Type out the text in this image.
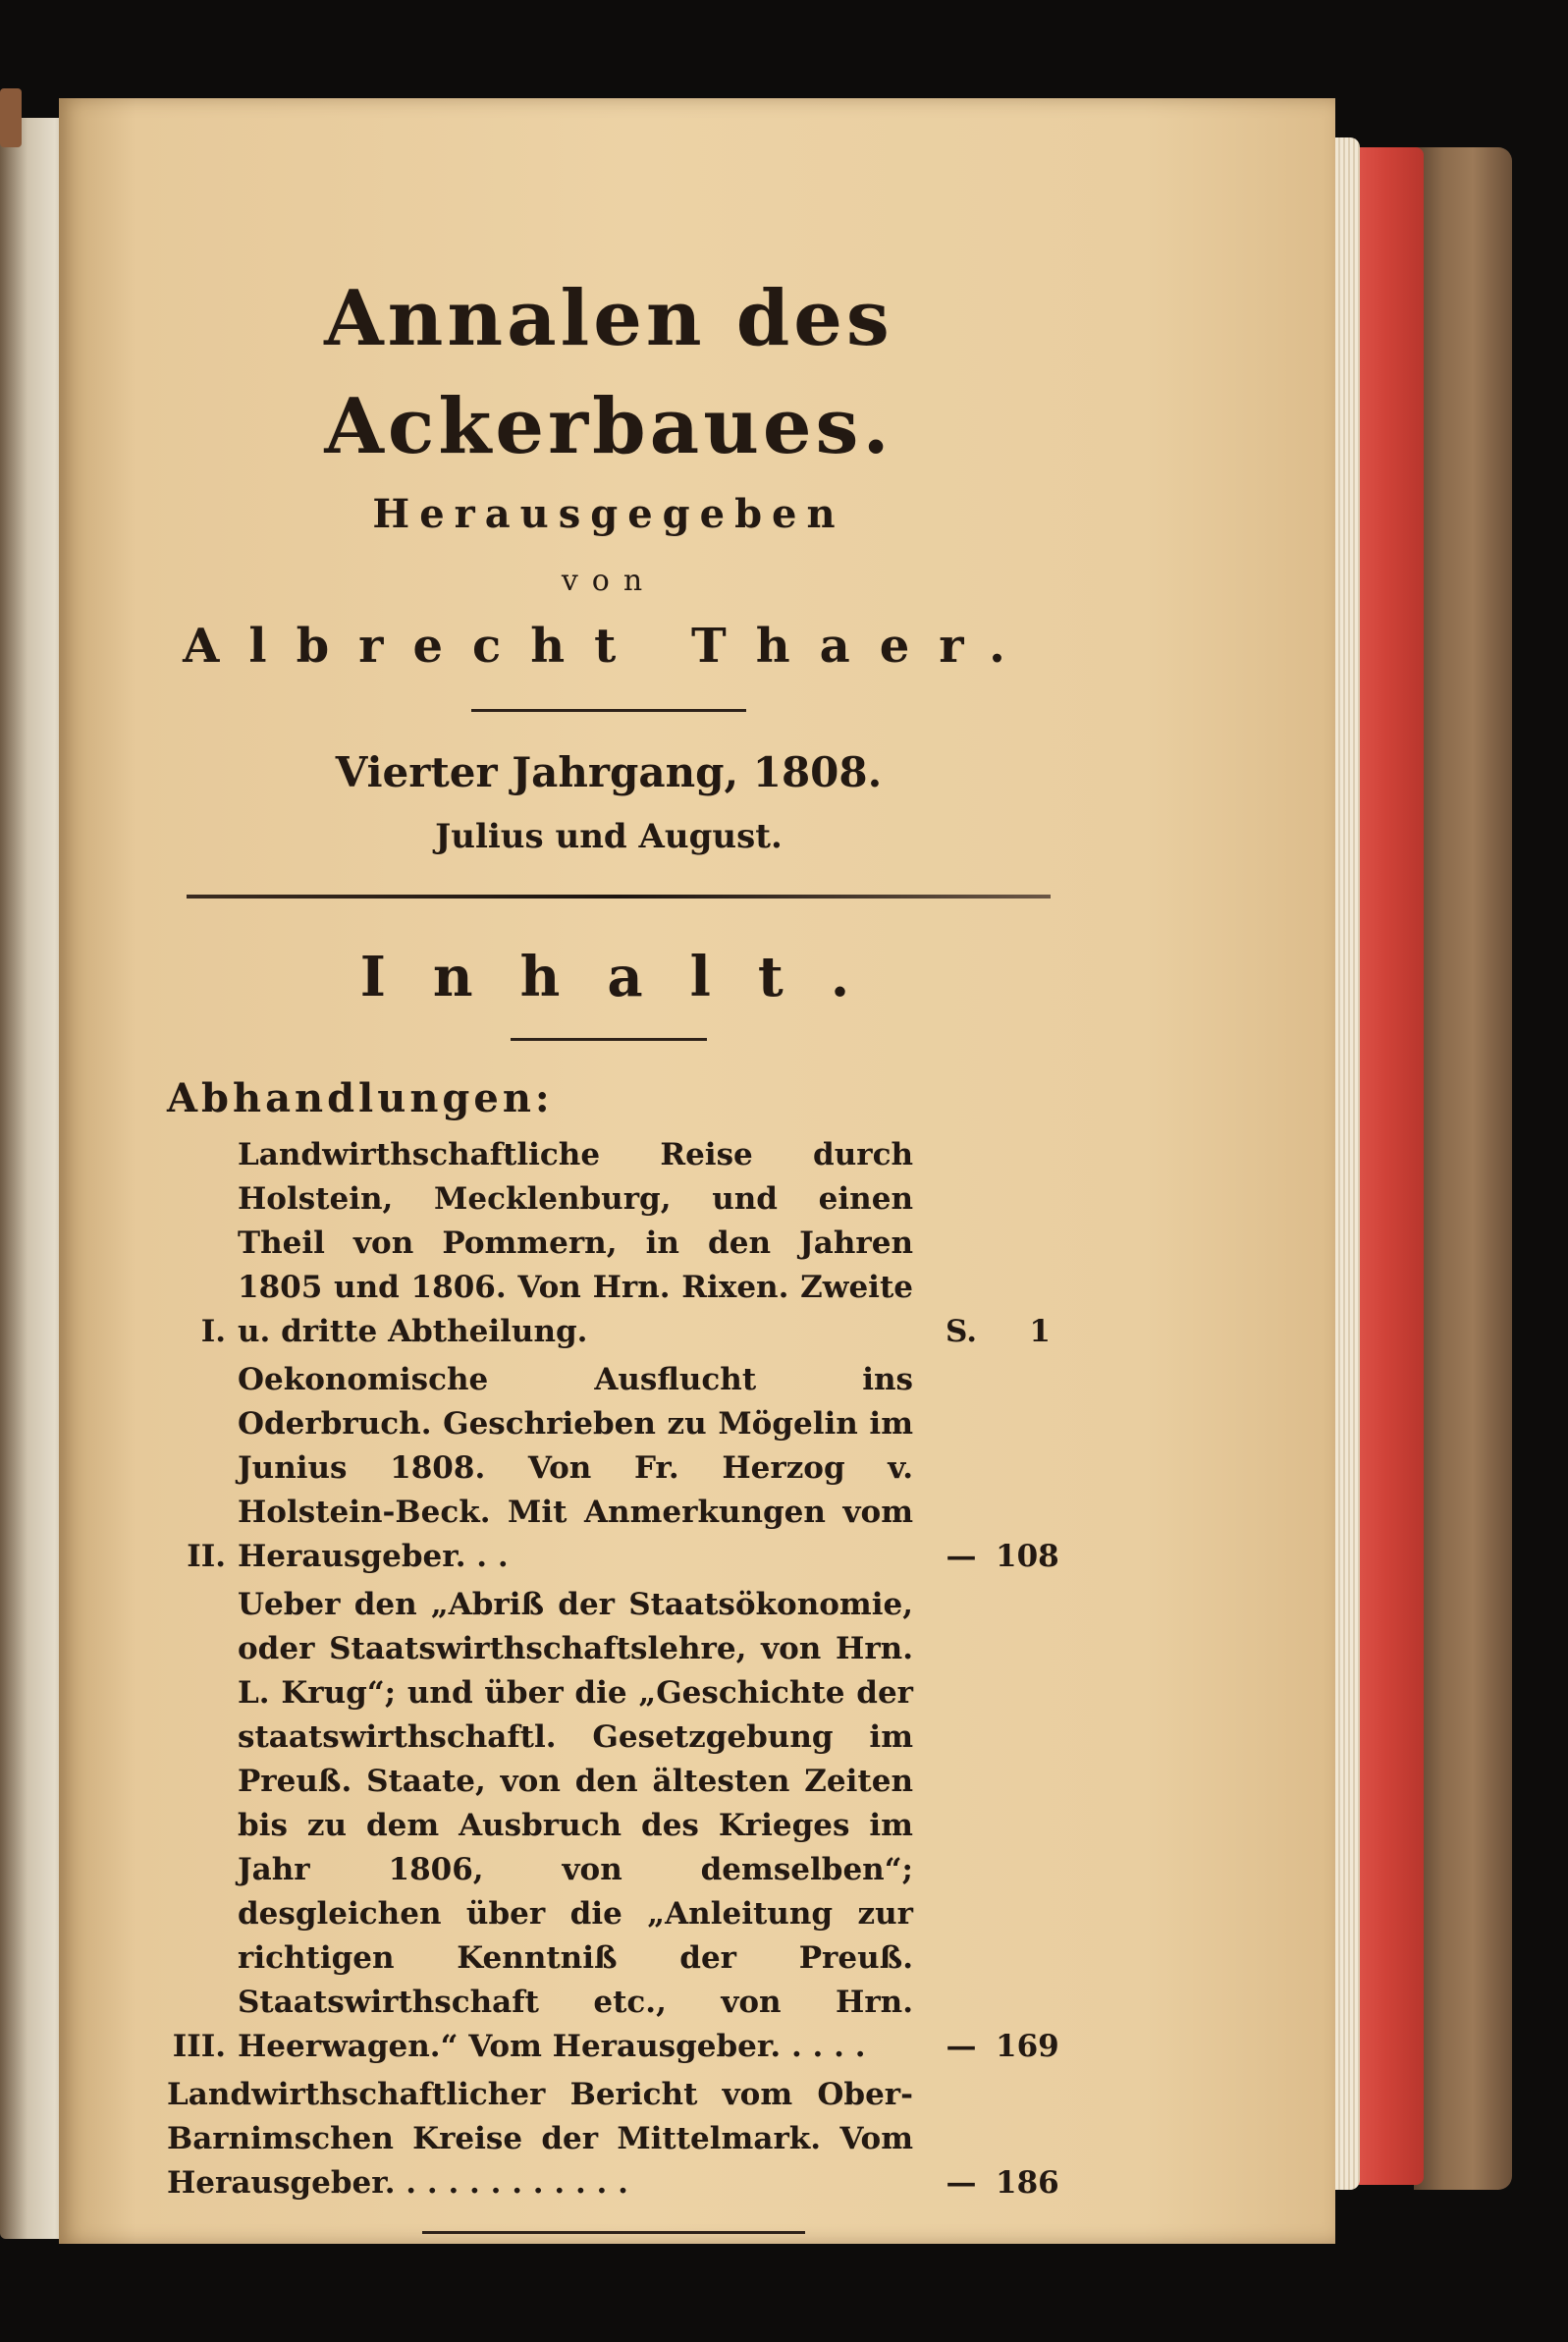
Annalen des Ackerbaues.
Herausgegeben
von
Albrecht Thaer.
Vierter Jahrgang, 1808.
Julius und August.
Inhalt.
Abhandlungen:
I.
Landwirthschaftliche Reise durch Holstein, Mecklenburg, und einen Theil von Pommern, in den Jahren 1805 und 1806. Von Hrn. Rixen. Zweite u. dritte Abtheilung.	S.	1
II.
Oekonomische Ausflucht ins Oderbruch. Geschrieben zu Mögelin im Junius 1808. Von Fr. Herzog v. Holstein-Beck. Mit Anmerkungen vom Herausgeber. . .	— 108
III.
Ueber den „Abriß der Staatsökonomie, oder Staatswirthschaftslehre, von Hrn. L. Krug“; und über die „Geschichte der staatswirthschaftl. Gesetzgebung im Preuß. Staate, von den ältesten Zeiten bis zu dem Ausbruch des Krieges im Jahr 1806, von demselben“; desgleichen über die „Anleitung zur richtigen Kenntniß der Preuß. Staatswirthschaft etc., von Hrn. Heerwagen.“ Vom Herausgeber. . . . .	— 169
Landwirthschaftlicher Bericht vom Ober-Barnimschen Kreise der Mittelmark. Vom Herausgeber. . . . . . . . . . . .	— 186
